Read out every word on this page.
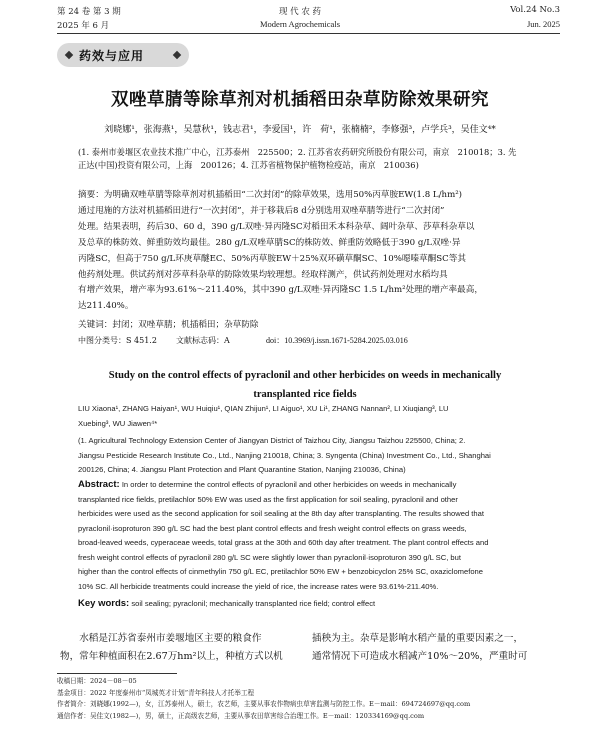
第 24 卷 第 3 期	现 代 农 药	Vol.24 No.3
2025 年 6 月	Modern Agrochemicals	Jun. 2025
药效与应用
双唑草腈等除草剂对机插稻田杂草防除效果研究
刘晓娜¹，张海燕¹，吴慧秋¹，钱志君¹，李爱国¹，许　荷¹，张楠楠²，李修强³，卢学兵³，吴佳文⁴*
(1. 泰州市姜堰区农业技术推广中心，江苏泰州　225500；2. 江苏省农药研究所股份有限公司，南京　210018；3. 先
正达(中国)投资有限公司，上海　200126；4. 江苏省植物保护植物检疫站，南京　210036)
摘要：为明确双唑草腈等除草剂对机插稻田“二次封闭”的除草效果，选用50%丙草胺EW(1.8 L/hm²)
通过甩施的方法对机插稻田进行“一次封闭”，并于移栽后8 d分别选用双唑草腈等进行“二次封闭”
处理。结果表明，药后30、60 d，390 g/L双唑·异丙隆SC对稻田禾本科杂草、阔叶杂草、莎草科杂草以
及总草的株防效、鲜重防效均最佳。280 g/L双唑草腈SC的株防效、鲜重防效略低于390 g/L双唑·异
丙隆SC，但高于750 g/L环庚草醚EC、50%丙草胺EW＋25%双环磺草酮SC、10%噁嗪草酮SC等其
他药剂处理。供试药剂对莎草科杂草的防除效果均较理想。经取样测产，供试药剂处理对水稻均具
有增产效果，增产率为93.61%～211.40%，其中390 g/L双唑·异丙隆SC 1.5 L/hm²处理的增产率最高，
达211.40%。
关键词：封闭；双唑草腈；机插稻田；杂草防除
中图分类号：S 451.2 文献标志码：A	doi：10.3969/j.issn.1671-5284.2025.03.016
Study on the control effects of pyraclonil and other herbicides on weeds in mechanically
transplanted rice fields
LIU Xiaona¹, ZHANG Haiyan¹, WU Huiqiu¹, QIAN Zhijun¹, LI Aiguo¹, XU Li¹, ZHANG Nannan², LI Xiuqiang³, LU
Xuebing³, WU Jiawen⁴*
(1. Agricultural Technology Extension Center of Jiangyan District of Taizhou City, Jiangsu Taizhou 225500, China; 2.
Jiangsu Pesticide Research Institute Co., Ltd., Nanjing 210018, China; 3. Syngenta (China) Investment Co., Ltd., Shanghai
200126, China; 4. Jiangsu Plant Protection and Plant Quarantine Station, Nanjing 210036, China)
Abstract: In order to determine the control effects of pyraclonil and other herbicides on weeds in mechanically
transplanted rice fields, pretilachlor 50% EW was used as the first application for soil sealing, pyraclonil and other
herbicides were used as the second application for soil sealing at the 8th day after transplanting. The results showed that
pyraclonil·isoproturon 390 g/L SC had the best plant control effects and fresh weight control effects on grass weeds,
broad-leaved weeds, cyperaceae weeds, total grass at the 30th and 60th day after treatment. The plant control effects and
fresh weight control effects of pyraclonil 280 g/L SC were slightly lower than pyraclonil·isoproturon 390 g/L SC, but
higher than the control effects of cinmethylin 750 g/L EC, pretilachlor 50% EW + benzobicyclon 25% SC, oxaziclomefone
10% SC. All herbicide treatments could increase the yield of rice, the increase rates were 93.61%-211.40%.
Key words: soil sealing; pyraclonil; mechanically transplanted rice field; control effect
水稻是江苏省泰州市姜堰地区主要的粮食作
物，常年种植面积在2.67万hm²以上，种植方式以机
插秧为主。杂草是影响水稻产量的重要因素之一，
通常情况下可造成水稻减产10%～20%，严重时可
收稿日期：2024－08－05
基金项目：2022 年度泰州市“凤城英才计划”青年科技人才托举工程
作者简介：刘晓娜(1992—)，女，江苏泰州人，硕士，农艺师，主要从事农作物病虫草害监测与防控工作。E－mail：694724697@qq.com
通信作者：吴佳文(1982—)，男，硕士，正高级农艺师，主要从事农田草害综合治理工作。E－mail：120334169@qq.com
